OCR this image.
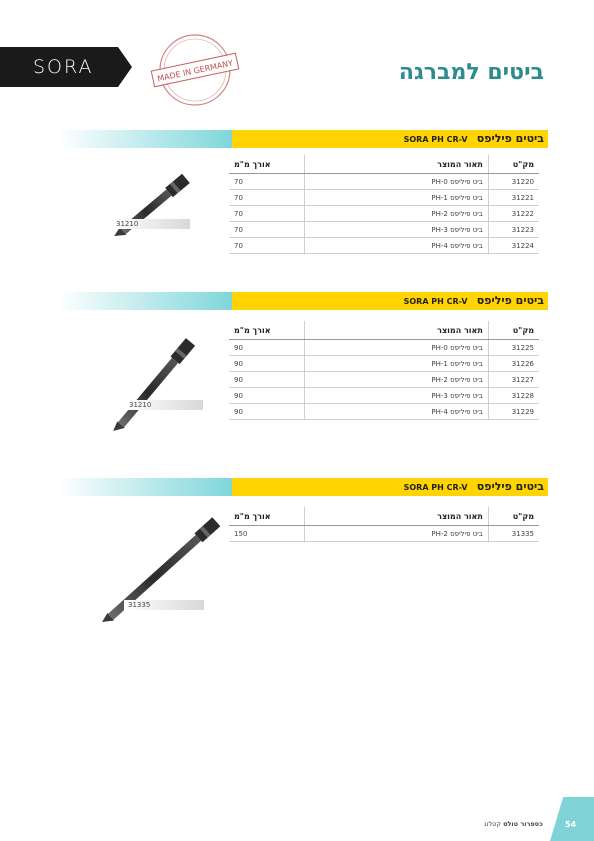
SORA	MADE IN GERMANY	ביטים למברגה
SORA PH CR-V ביטים פיליפס
31210
מק"ט	תאור המוצר	אורך מ"מ
31220	ביט פיליפס PH-0	70
31221	ביט פיליפס PH-1	70
31222	ביט פיליפס PH-2	70
31223	ביט פיליפס PH-3	70
31224	ביט פיליפס PH-4	70
SORA PH CR-V ביטים פיליפס
31210
מק"ט	תאור המוצר	אורך מ"מ
31225	ביט פיליפס PH-0	90
31226	ביט פיליפס PH-1	90
31227	ביט פיליפס PH-2	90
31228	ביט פיליפס PH-3	90
31229	ביט פיליפס PH-4	90
SORA PH CR-V ביטים פיליפס
31335
מק"ט	תאור המוצר	אורך מ"מ
31335	ביט פיליפס PH-2	150
כספרור טולס קטלוג	54
